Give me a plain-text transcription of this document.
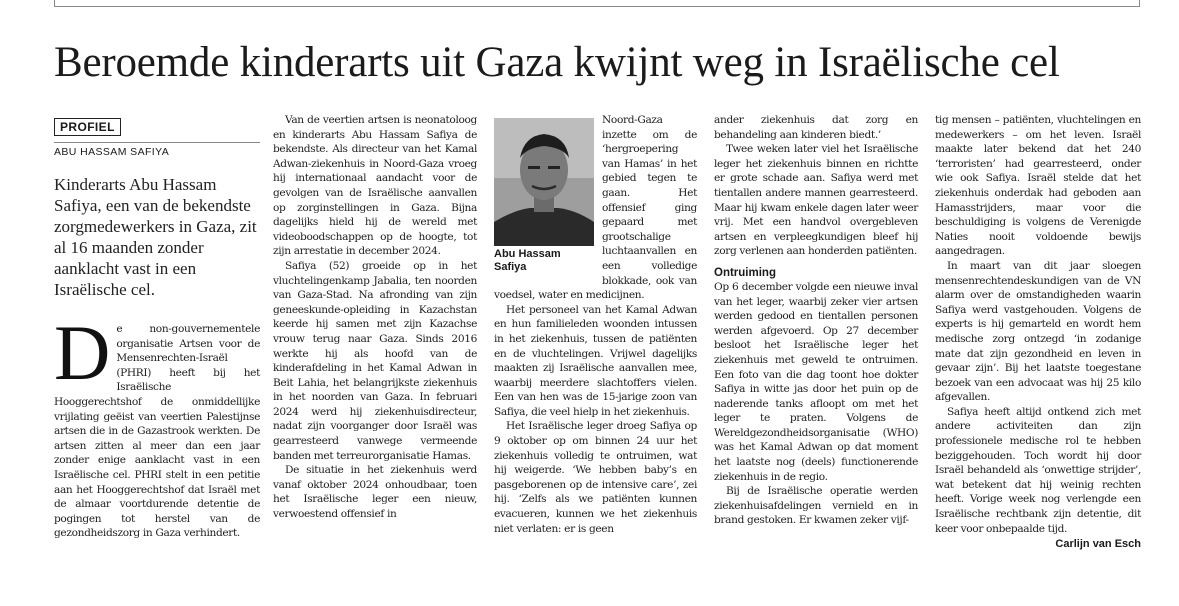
Beroemde kinderarts uit Gaza kwijnt weg in Israëlische cel
PROFIEL
ABU HASSAM SAFIYA
Kinderarts Abu Hassam Safiya, een van de bekendste zorgmedewerkers in Gaza, zit al 16 maanden zonder aanklacht vast in een Israëlische cel.
D e non-gouvernementele organisatie Artsen voor de Mensenrechten-Israël (PHRI) heeft bij het Israëlische Hooggerechtshof de onmiddellijke vrijlating geëist van veertien Palestijnse artsen die in de Gazastrook werkten. De artsen zitten al meer dan een jaar zonder enige aanklacht vast in een Israëlische cel. PHRI stelt in een petitie aan het Hooggerechtshof dat Israël met de almaar voortdurende detentie de pogingen tot herstel van de gezondheidszorg in Gaza verhindert.

Van de veertien artsen is neonatoloog en kinderarts Abu Hassam Safiya de bekendste. Als directeur van het Kamal Adwan-ziekenhuis in Noord-Gaza vroeg hij internationaal aandacht voor de gevolgen van de Israëlische aanvallen op zorginstellingen in Gaza. Bijna dagelijks hield hij de wereld met videoboodschappen op de hoogte, tot zijn arrestatie in december 2024.

Safiya (52) groeide op in het vluchtelingenkamp Jabalia, ten noorden van Gaza-Stad. Na afronding van zijn geneeskunde-opleiding in Kazachstan keerde hij samen met zijn Kazachse vrouw terug naar Gaza. Sinds 2016 werkte hij als hoofd van de kinderafdeling in het Kamal Adwan in Beit Lahia, het belangrijkste ziekenhuis in het noorden van Gaza. In februari 2024 werd hij ziekenhuisdirecteur, nadat zijn voorganger door Israël was gearresteerd vanwege vermeende banden met terreurorganisatie Hamas.

De situatie in het ziekenhuis werd vanaf oktober 2024 onhoudbaar, toen het Israëlische leger een nieuw, verwoestend offensief in

Abu Hassam Safiya

Noord-Gaza inzette om de ‘hergroepering van Hamas’ in het gebied tegen te gaan. Het offensief ging gepaard met grootschalige luchtaanvallen en een volledige blokkade, ook van voedsel, water en medicijnen.

Het personeel van het Kamal Adwan en hun familieleden woonden intussen in het ziekenhuis, tussen de patiënten en de vluchtelingen. Vrijwel dagelijks maakten zij Israëlische aanvallen mee, waarbij meerdere slachtoffers vielen. Een van hen was de 15-jarige zoon van Safiya, die veel hielp in het ziekenhuis.

Het Israëlische leger droeg Safiya op 9 oktober op om binnen 24 uur het ziekenhuis volledig te ontruimen, wat hij weigerde. ‘We hebben baby’s en pasgeborenen op de intensive care’, zei hij. ‘Zelfs als we patiënten kunnen evacueren, kunnen we het ziekenhuis niet verlaten: er is geen

ander ziekenhuis dat zorg en behandeling aan kinderen biedt.’

Twee weken later viel het Israëlische leger het ziekenhuis binnen en richtte er grote schade aan. Safiya werd met tientallen andere mannen gearresteerd. Maar hij kwam enkele dagen later weer vrij. Met een handvol overgebleven artsen en verpleegkundigen bleef hij zorg verlenen aan honderden patiënten.

Ontruiming

Op 6 december volgde een nieuwe inval van het leger, waarbij zeker vier artsen werden gedood en tientallen personen werden afgevoerd. Op 27 december besloot het Israëlische leger het ziekenhuis met geweld te ontruimen. Een foto van die dag toont hoe dokter Safiya in witte jas door het puin op de naderende tanks afloopt om met het leger te praten. Volgens de Wereldgezondheidsorganisatie (WHO) was het Kamal Adwan op dat moment het laatste nog (deels) functionerende ziekenhuis in de regio.

Bij de Israëlische operatie werden ziekenhuisafdelingen vernield en in brand gestoken. Er kwamen zeker vijf-

tig mensen – patiënten, vluchtelingen en medewerkers – om het leven. Israël maakte later bekend dat het 240 ‘terroristen’ had gearresteerd, onder wie ook Safiya. Israël stelde dat het ziekenhuis onderdak had geboden aan Hamasstrijders, maar voor die beschuldiging is volgens de Verenigde Naties nooit voldoende bewijs aangedragen.

In maart van dit jaar sloegen mensenrechtendeskundigen van de VN alarm over de omstandigheden waarin Safiya werd vastgehouden. Volgens de experts is hij gemarteld en wordt hem medische zorg ontzegd ‘in zodanige mate dat zijn gezondheid en leven in gevaar zijn’. Bij het laatste toegestane bezoek van een advocaat was hij 25 kilo afgevallen.

Safiya heeft altijd ontkend zich met andere activiteiten dan zijn professionele medische rol te hebben beziggehouden. Toch wordt hij door Israël behandeld als ‘onwettige strijder’, wat betekent dat hij weinig rechten heeft. Vorige week nog verlengde een Israëlische rechtbank zijn detentie, dit keer voor onbepaalde tijd.

Carlijn van Esch
